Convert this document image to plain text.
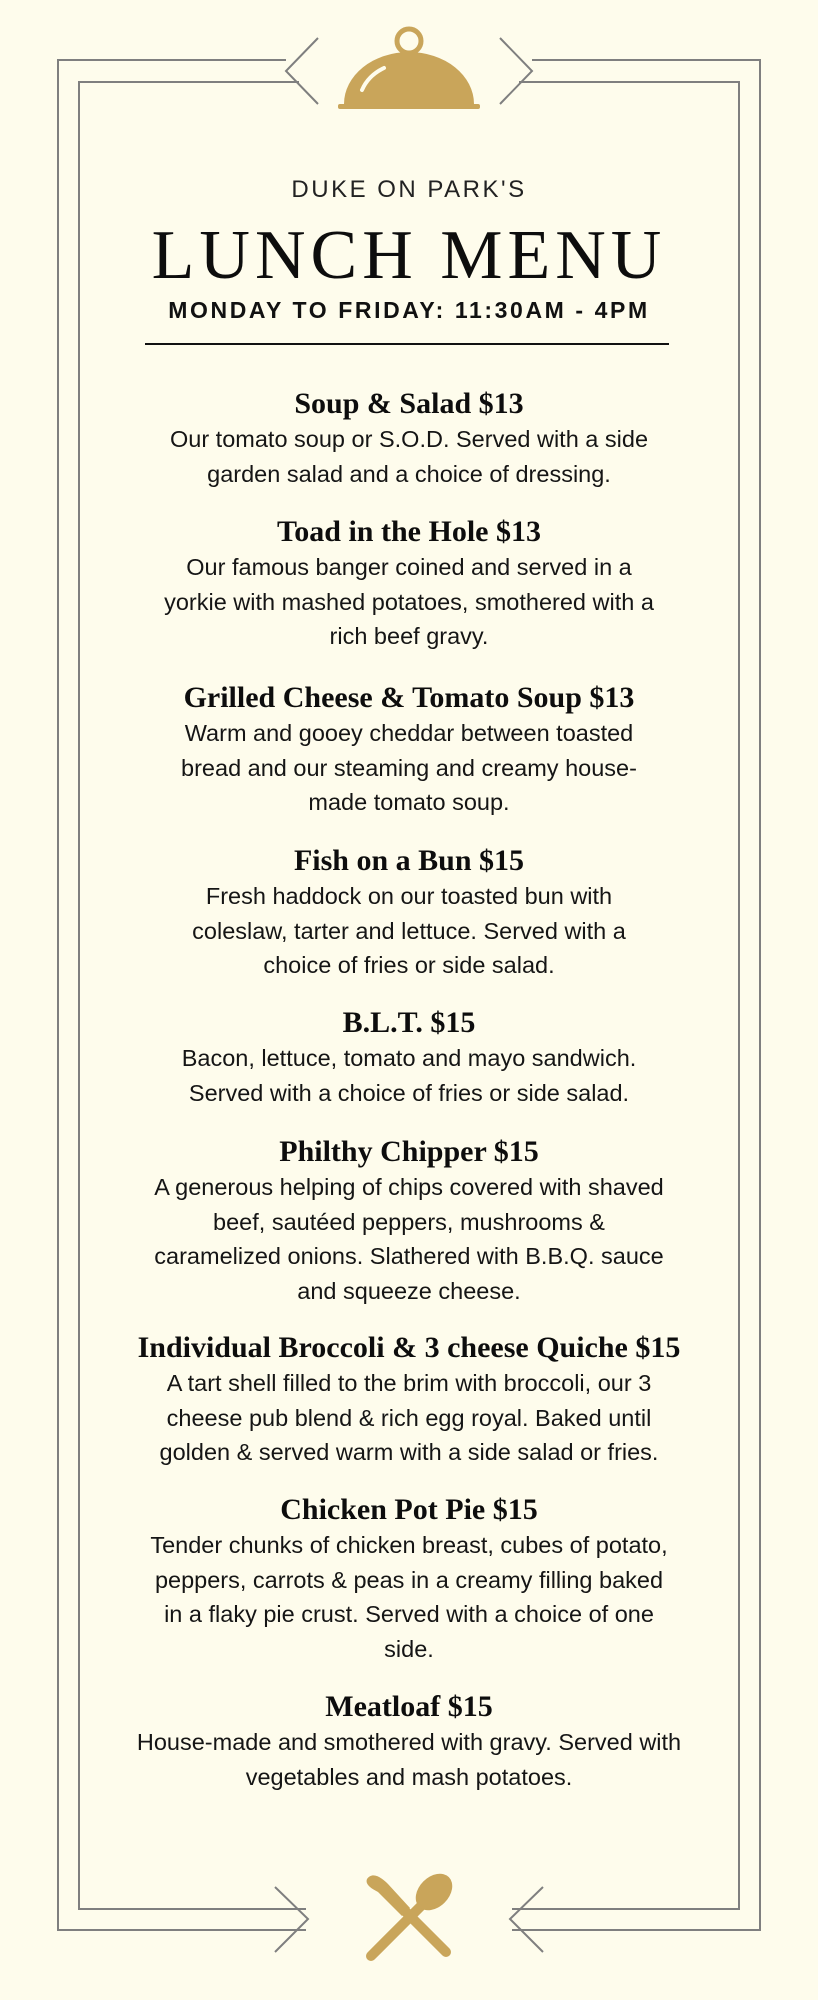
DUKE ON PARK'S
LUNCH MENU
MONDAY TO FRIDAY: 11:30AM - 4PM
Soup & Salad $13
Our tomato soup or S.O.D. Served with a side garden salad and a choice of dressing.
Toad in the Hole $13
Our famous banger coined and served in a yorkie with mashed potatoes, smothered with a rich beef gravy.
Grilled Cheese & Tomato Soup $13
Warm and gooey cheddar between toasted bread and our steaming and creamy house-made tomato soup.
Fish on a Bun $15
Fresh haddock on our toasted bun with coleslaw, tarter and lettuce. Served with a choice of fries or side salad.
B.L.T. $15
Bacon, lettuce, tomato and mayo sandwich. Served with a choice of fries or side salad.
Philthy Chipper $15
A generous helping of chips covered with shaved beef, sautéed peppers, mushrooms & caramelized onions. Slathered with B.B.Q. sauce and squeeze cheese.
Individual Broccoli & 3 cheese Quiche $15
A tart shell filled to the brim with broccoli, our 3 cheese pub blend & rich egg royal. Baked until golden & served warm with a side salad or fries.
Chicken Pot Pie $15
Tender chunks of chicken breast, cubes of potato, peppers, carrots & peas in a creamy filling baked in a flaky pie crust. Served with a choice of one side.
Meatloaf $15
House-made and smothered with gravy. Served with vegetables and mash potatoes.
